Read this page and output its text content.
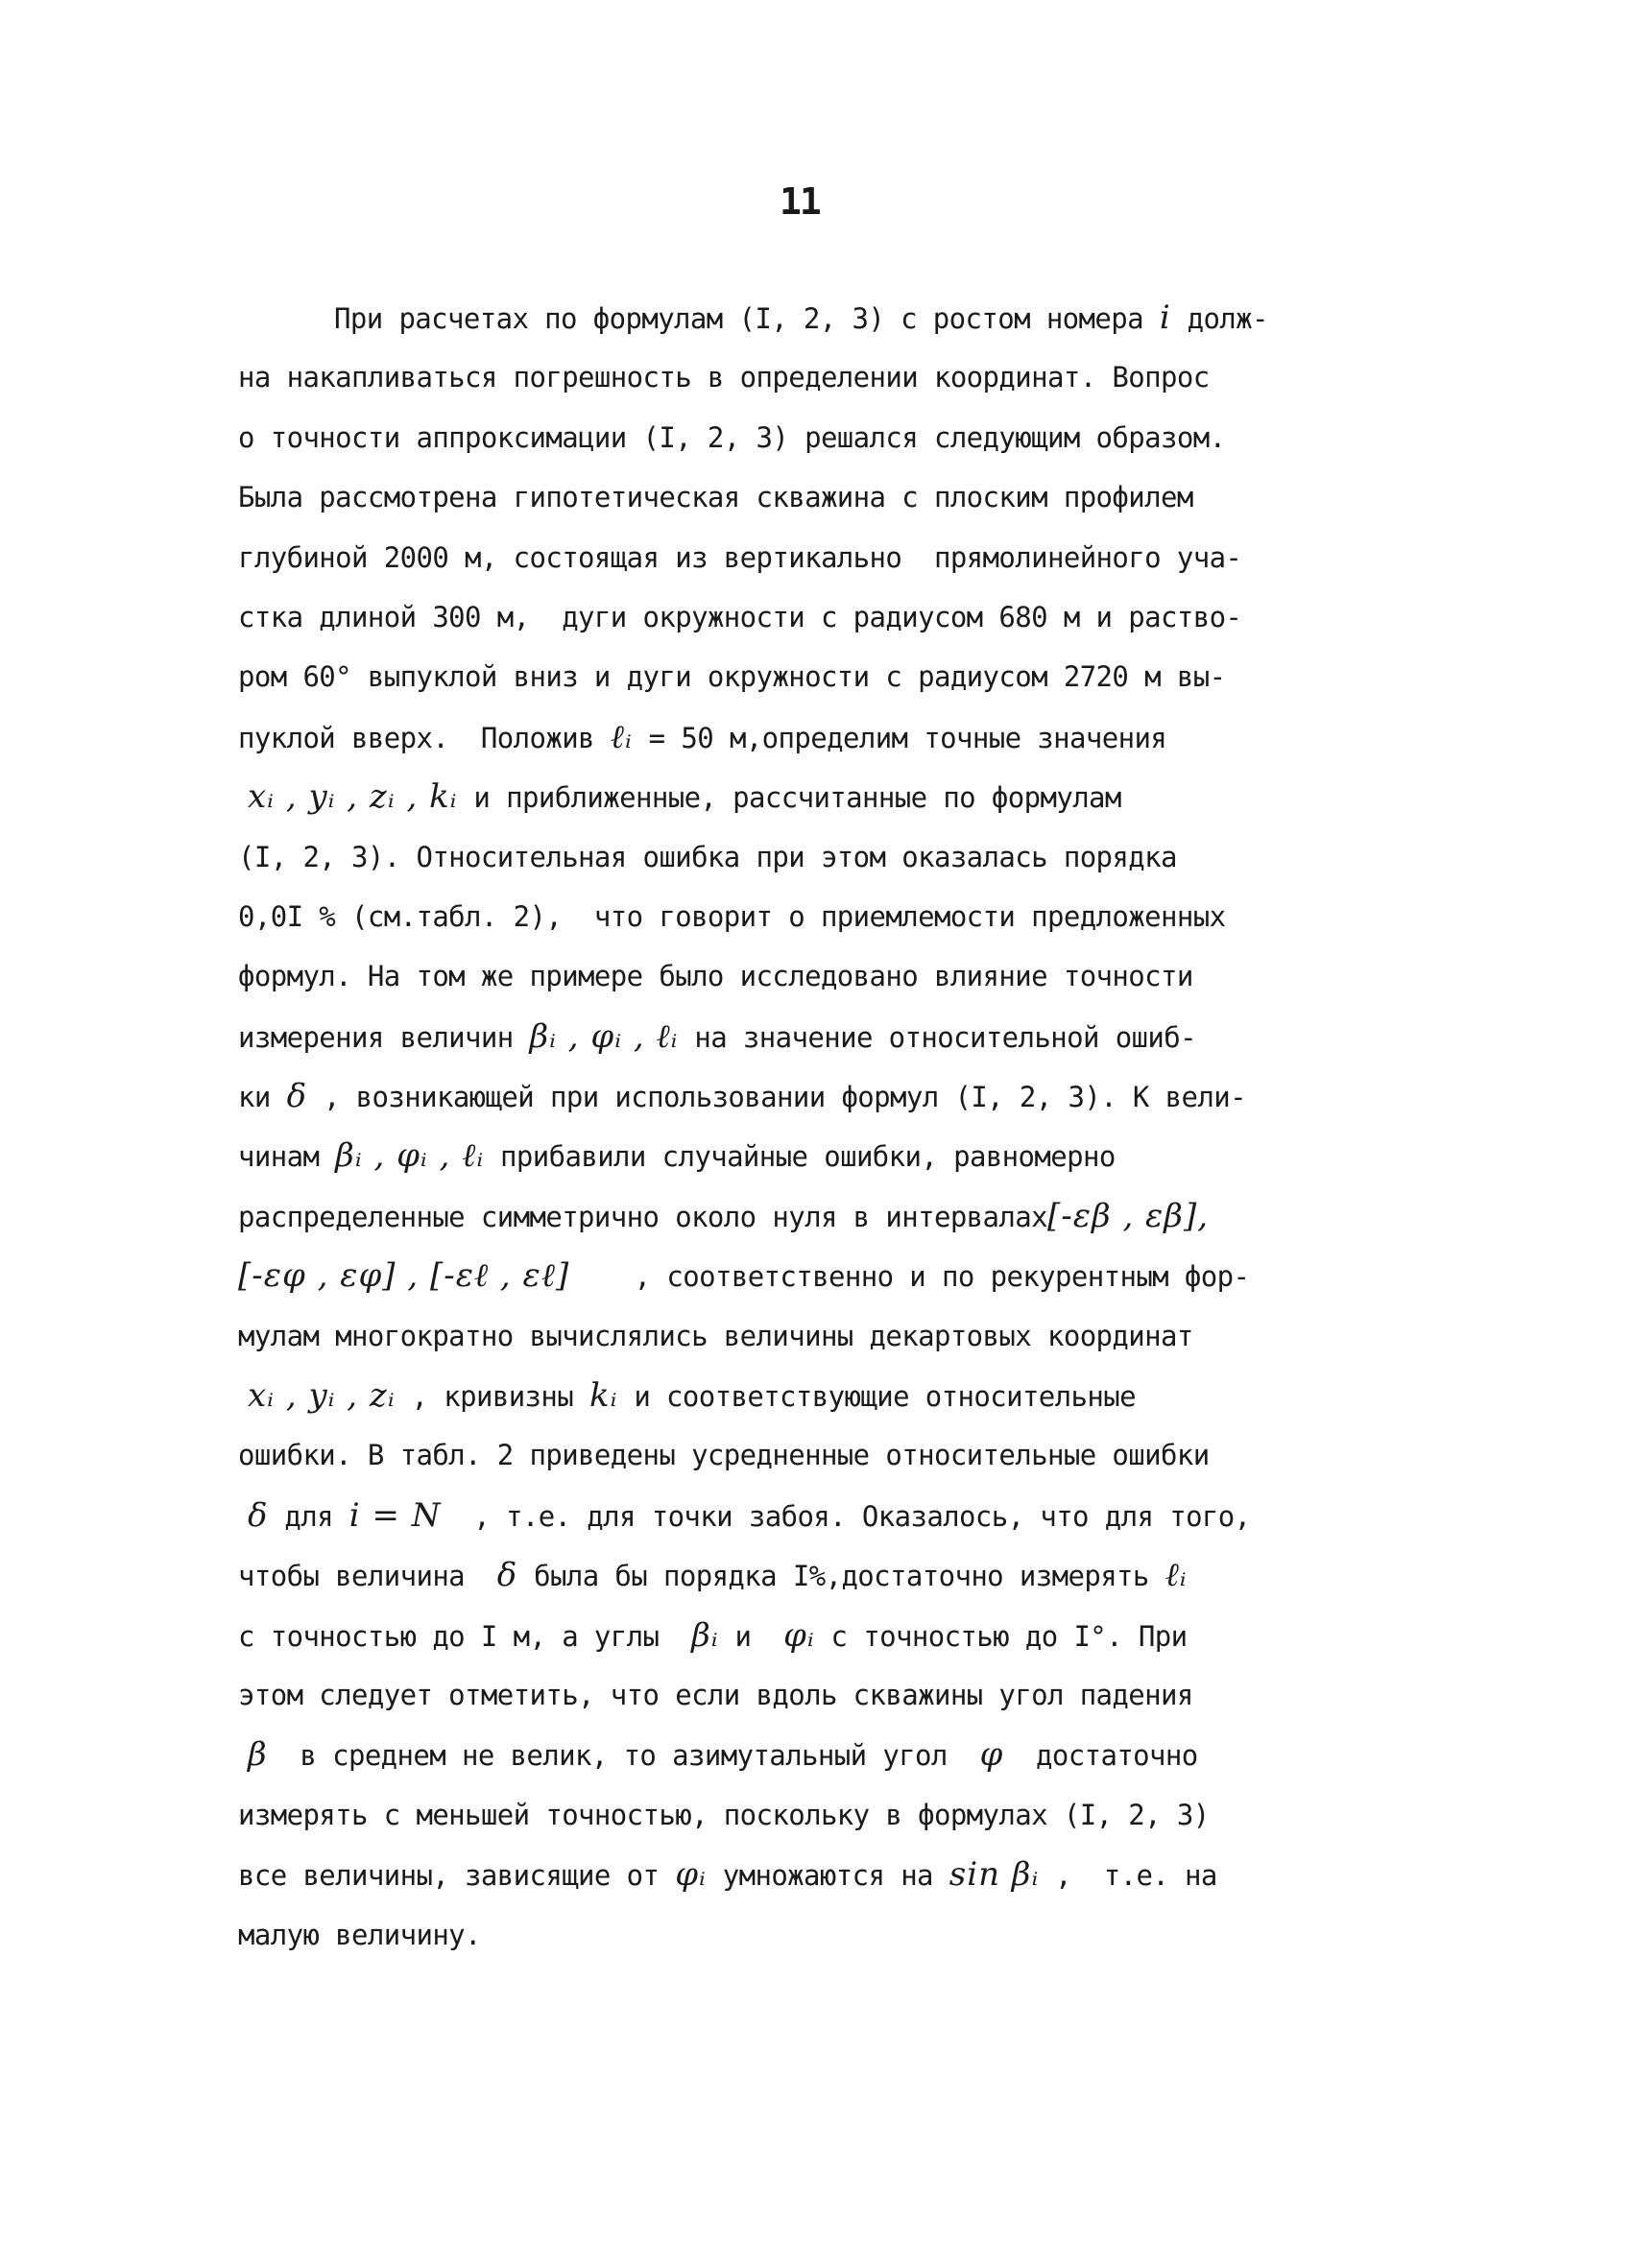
11
При расчетах по формулам (I, 2, 3) с ростом номера i долж-
на накапливаться погрешность в определении координат. Вопрос
о точности аппроксимации (I, 2, 3) решался следующим образом.
Была рассмотрена гипотетическая скважина с плоским профилем
глубиной 2000 м, состоящая из вертикально  прямолинейного уча-
стка длиной 300 м,  дуги окружности с радиусом 680 м и раство-
ром 60° выпуклой вниз и дуги окружности с радиусом 2720 м вы-
пуклой вверх.  Положив ℓᵢ = 50 м,определим точные значения
xᵢ , yᵢ , zᵢ , kᵢ и приближенные, рассчитанные по формулам
(I, 2, 3). Относительная ошибка при этом оказалась порядка
0,0I % (см.табл. 2),  что говорит о приемлемости предложенных
формул. На том же примере было исследовано влияние точности
измерения величин βᵢ , φᵢ , ℓᵢ на значение относительной ошиб-
ки δ , возникающей при использовании формул (I, 2, 3). К вели-
чинам βᵢ , φᵢ , ℓᵢ прибавили случайные ошибки, равномерно
распределенные симметрично около нуля в интервалах[-εβ , εβ],
[-εφ , εφ] , [-εℓ , εℓ]    , соответственно и по рекурентным фор-
мулам многократно вычислялись величины декартовых координат
xᵢ , yᵢ , zᵢ , кривизны kᵢ и соответствующие относительные
ошибки. В табл. 2 приведены усредненные относительные ошибки
δ для i = N  , т.е. для точки забоя. Оказалось, что для того,
чтобы величина  δ была бы порядка I%,достаточно измерять ℓᵢ
с точностью до I м, а углы  βᵢ и  φᵢ с точностью до I°. При
этом следует отметить, что если вдоль скважины угол падения
β  в среднем не велик, то азимутальный угол  φ  достаточно
измерять с меньшей точностью, поскольку в формулах (I, 2, 3)
все величины, зависящие от φᵢ умножаются на sin βᵢ ,  т.е. на
малую величину.
